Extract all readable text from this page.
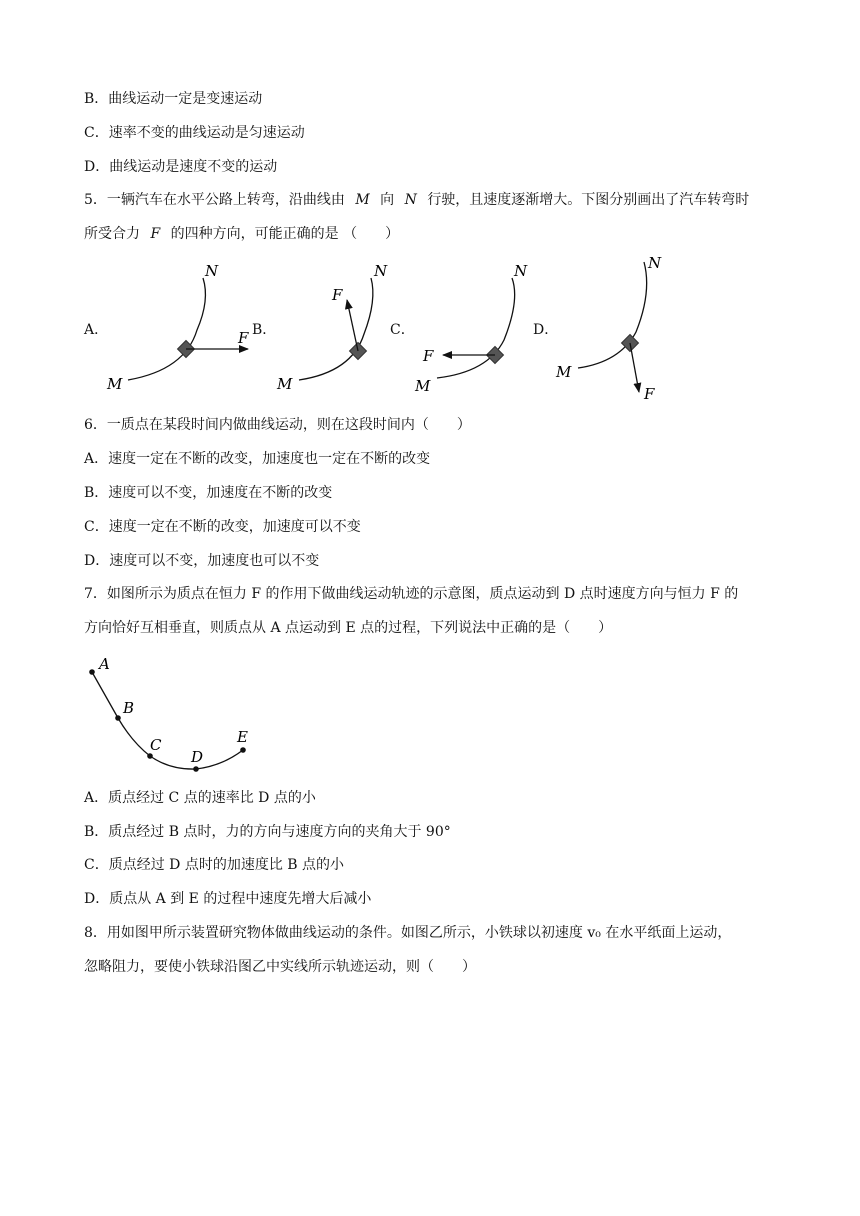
B．曲线运动一定是变速运动
C．速率不变的曲线运动是匀速运动
D．曲线运动是速度不变的运动
5．一辆汽车在水平公路上转弯，沿曲线由 M 向 N 行驶，且速度逐渐增大。下图分别画出了汽车转弯时
所受合力 F 的四种方向，可能正确的是 （　　）
A．	B．	C．	D．
N
M
F
N
M
F
N
M
F
N
M
F
6．一质点在某段时间内做曲线运动，则在这段时间内（　　）
A．速度一定在不断的改变，加速度也一定在不断的改变
B．速度可以不变，加速度在不断的改变
C．速度一定在不断的改变，加速度可以不变
D．速度可以不变，加速度也可以不变
7．如图所示为质点在恒力 F 的作用下做曲线运动轨迹的示意图，质点运动到 D 点时速度方向与恒力 F 的
方向恰好互相垂直，则质点从 A 点运动到 E 点的过程，下列说法中正确的是（　　）
A
B
C
D
E
A．质点经过 C 点的速率比 D 点的小
B．质点经过 B 点时，力的方向与速度方向的夹角大于 90°
C．质点经过 D 点时的加速度比 B 点的小
D．质点从 A 到 E 的过程中速度先增大后减小
8．用如图甲所示装置研究物体做曲线运动的条件。如图乙所示，小铁球以初速度 v₀ 在水平纸面上运动，
忽略阻力，要使小铁球沿图乙中实线所示轨迹运动，则（　　）
